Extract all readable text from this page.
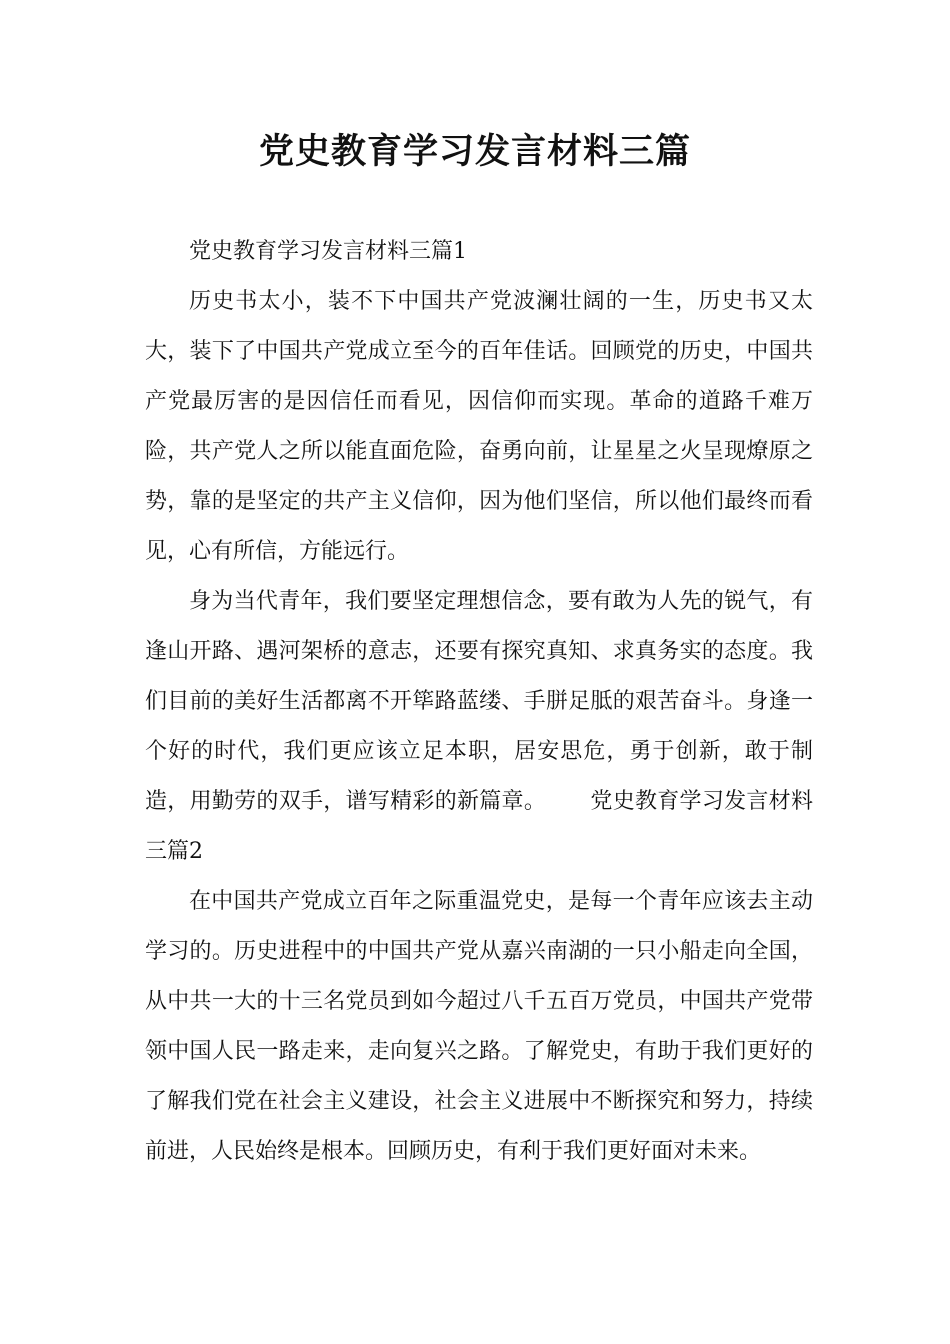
党史教育学习发言材料三篇

党史教育学习发言材料三篇1

历史书太小，装不下中国共产党波澜壮阔的一生，历史书又太大，装下了中国共产党成立至今的百年佳话。回顾党的历史，中国共产党最厉害的是因信任而看见，因信仰而实现。革命的道路千难万险，共产党人之所以能直面危险，奋勇向前，让星星之火呈现燎原之势，靠的是坚定的共产主义信仰，因为他们坚信，所以他们最终而看见，心有所信，方能远行。

身为当代青年，我们要坚定理想信念，要有敢为人先的锐气，有逢山开路、遇河架桥的意志，还要有探究真知、求真务实的态度。我们目前的美好生活都离不开筚路蓝缕、手胼足胝的艰苦奋斗。身逢一个好的时代，我们更应该立足本职，居安思危，勇于创新，敢于制造，用勤劳的双手，谱写精彩的新篇章。 党史教育学习发言材料三篇2

在中国共产党成立百年之际重温党史，是每一个青年应该去主动学习的。历史进程中的中国共产党从嘉兴南湖的一只小船走向全国，从中共一大的十三名党员到如今超过八千五百万党员，中国共产党带领中国人民一路走来，走向复兴之路。了解党史，有助于我们更好的了解我们党在社会主义建设，社会主义进展中不断探究和努力，持续前进，人民始终是根本。回顾历史，有利于我们更好面对未来。
